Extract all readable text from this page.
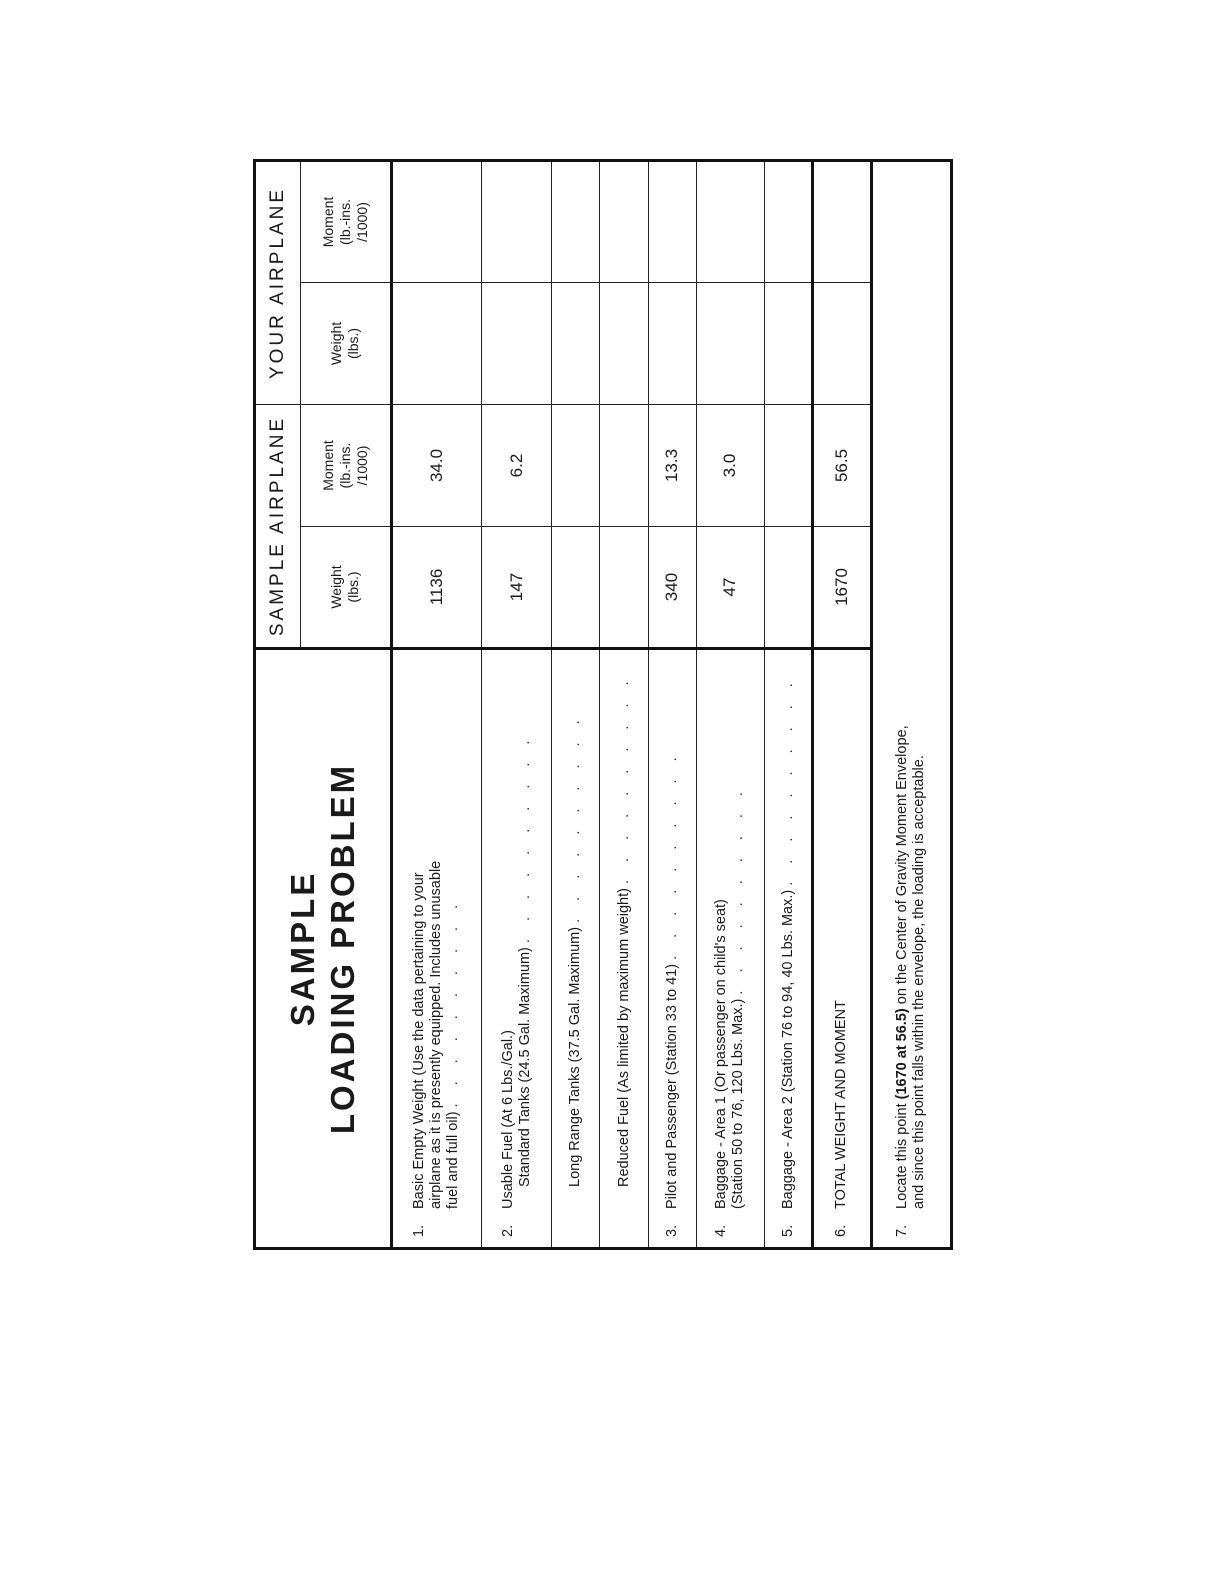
SAMPLE LOADING PROBLEM	SAMPLE AIRPLANE		YOUR AIRPLANE	

	Weight (lbs.)	Moment (lb.-ins. /1000)	Weight (lbs.)	Moment (lb.-ins. /1000)

1.
Basic Empty Weight (Use the data pertaining to your
airplane as it is presently equipped. Includes unusable
fuel and full oil) . . . . . . . . . .	1136	34.0		

2.
Usable Fuel (At 6 Lbs./Gal.)
Standard Tanks (24.5 Gal. Maximum) . . . . . . . . . .	147	6.2		

Long Range Tanks (37.5 Gal. Maximum) . . . . . . . . . .				

Reduced Fuel (As limited by maximum weight) . . . . . . . . . .				

3.
Pilot and Passenger (Station 33 to 41) . . . . . . . . . .	340	13.3		

4.
Baggage - Area 1 (Or passenger on child's seat)
(Station 50 to 76, 120 Lbs. Max.) . . . . . . . . . .	47	3.0		

5.
Baggage - Area 2 (Station 76 to 94, 40 Lbs. Max.) . . . . . . . . . .				

6.
TOTAL WEIGHT AND MOMENT	1670	56.5		

7.
Locate this point (1670 at 56.5) on the Center of Gravity Moment Envelope,
and since this point falls within the envelope, the loading is acceptable.				
